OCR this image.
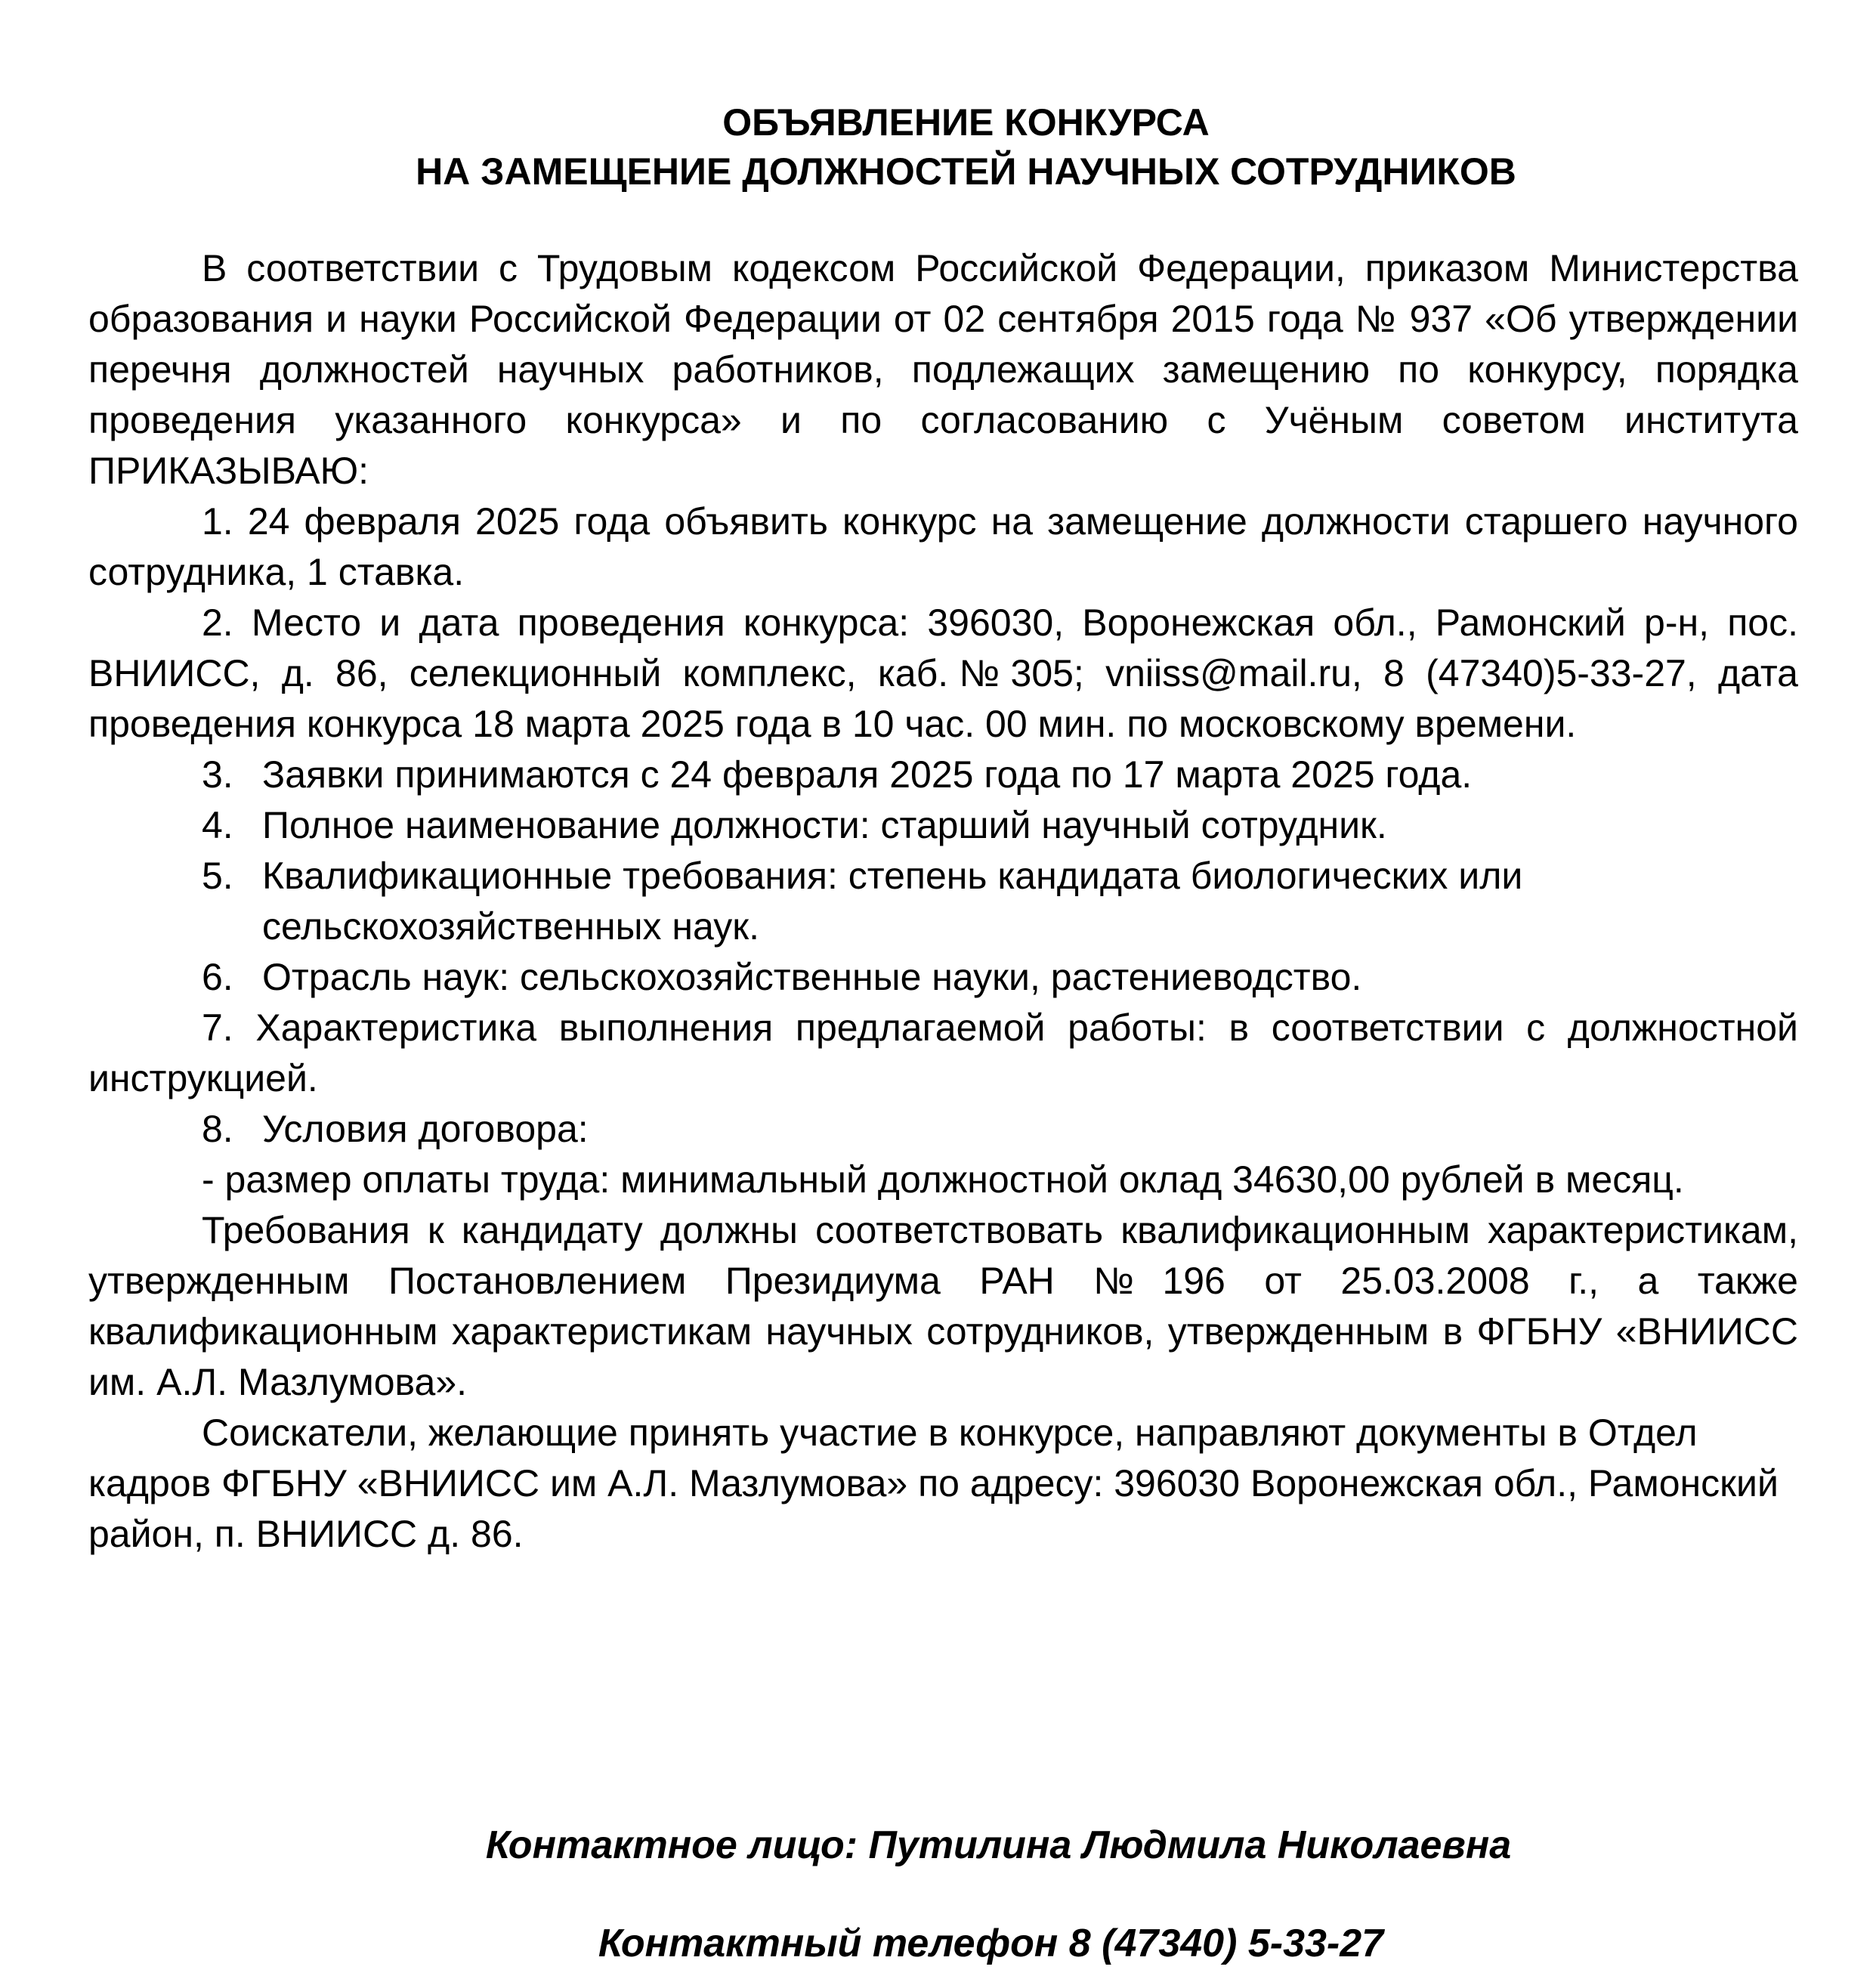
ОБЪЯВЛЕНИЕ КОНКУРСА
НА ЗАМЕЩЕНИЕ ДОЛЖНОСТЕЙ НАУЧНЫХ СОТРУДНИКОВ

В соответствии с Трудовым кодексом Российской Федерации, приказом Министерства образования и науки Российской Федерации от 02 сентября 2015 года № 937 «Об утверждении перечня должностей научных работников, подлежащих замещению по конкурсу, порядка проведения указанного конкурса» и по согласованию с Учёным советом института ПРИКАЗЫВАЮ:

1. 24 февраля 2025 года объявить конкурс на замещение должности старшего научного сотрудника, 1 ставка.

2. Место и дата проведения конкурса: 396030, Воронежская обл., Рамонский р-н, пос. ВНИИСС, д. 86, селекционный комплекс, каб.№305; vniiss@mail.ru, 8 (47340)5-33-27, дата проведения конкурса 18 марта 2025 года в 10 час. 00 мин. по московскому времени.

3. Заявки принимаются с 24 февраля 2025 года по 17 марта 2025 года.

4. Полное наименование должности: старший научный сотрудник.

5. Квалификационные требования: степень кандидата биологических или сельскохозяйственных наук.

6. Отрасль наук: сельскохозяйственные науки, растениеводство.

7. Характеристика выполнения предлагаемой работы: в соответствии с должностной инструкцией.

8. Условия договора:

- размер оплаты труда: минимальный должностной оклад 34630,00 рублей в месяц.

Требования к кандидату должны соответствовать квалификационным характеристикам, утвержденным Постановлением Президиума РАН №196 от 25.03.2008 г., а также квалификационным характеристикам научных сотрудников, утвержденным в ФГБНУ «ВНИИСС им. А.Л. Мазлумова».

Соискатели, желающие принять участие в конкурсе, направляют документы в Отдел кадров ФГБНУ «ВНИИСС им А.Л. Мазлумова» по адресу: 396030 Воронежская обл., Рамонский район, п. ВНИИСС д. 86.

Контактное лицо: Путилина Людмила Николаевна
Контактный телефон 8 (47340) 5-33-27
